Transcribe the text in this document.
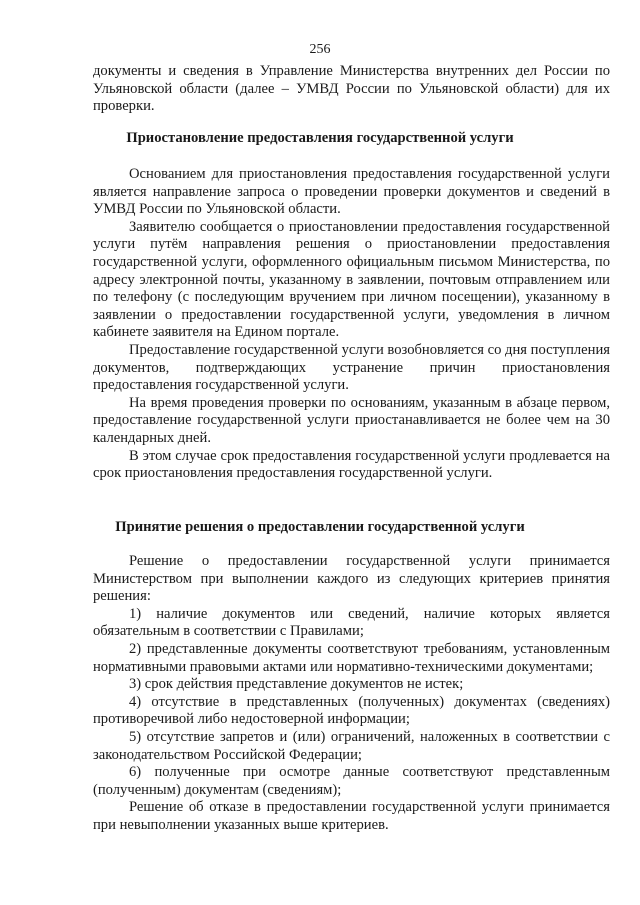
256

документы и сведения в Управление Министерства внутренних дел России по Ульяновской области (далее – УМВД России по Ульяновской области) для их проверки.

Приостановление предоставления государственной услуги

Основанием для приостановления предоставления государственной услуги является направление запроса о проведении проверки документов и сведений в УМВД России по Ульяновской области.

Заявителю сообщается о приостановлении предоставления государственной услуги путём направления решения о приостановлении предоставления государственной услуги, оформленного официальным письмом Министерства, по адресу электронной почты, указанному в заявлении, почтовым отправлением или по телефону (с последующим вручением при личном посещении), указанному в заявлении о предоставлении государственной услуги, уведомления в личном кабинете заявителя на Едином портале.

Предоставление государственной услуги возобновляется со дня поступления документов, подтверждающих устранение причин приостановления предоставления государственной услуги.

На время проведения проверки по основаниям, указанным в абзаце первом, предоставление государственной услуги приостанавливается не более чем на 30 календарных дней.

В этом случае срок предоставления государственной услуги продлевается на срок приостановления предоставления государственной услуги.

Принятие решения о предоставлении государственной услуги

Решение о предоставлении государственной услуги принимается Министерством при выполнении каждого из следующих критериев принятия решения:

1) наличие документов или сведений, наличие которых является обязательным в соответствии с Правилами;

2) представленные документы соответствуют требованиям, установленным нормативными правовыми актами или нормативно-техническими документами;

3) срок действия представление документов не истек;

4) отсутствие в представленных (полученных) документах (сведениях) противоречивой либо недостоверной информации;

5) отсутствие запретов и (или) ограничений, наложенных в соответствии с законодательством Российской Федерации;

6) полученные при осмотре данные соответствуют представленным (полученным) документам (сведениям);

Решение об отказе в предоставлении государственной услуги принимается при невыполнении указанных выше критериев.
